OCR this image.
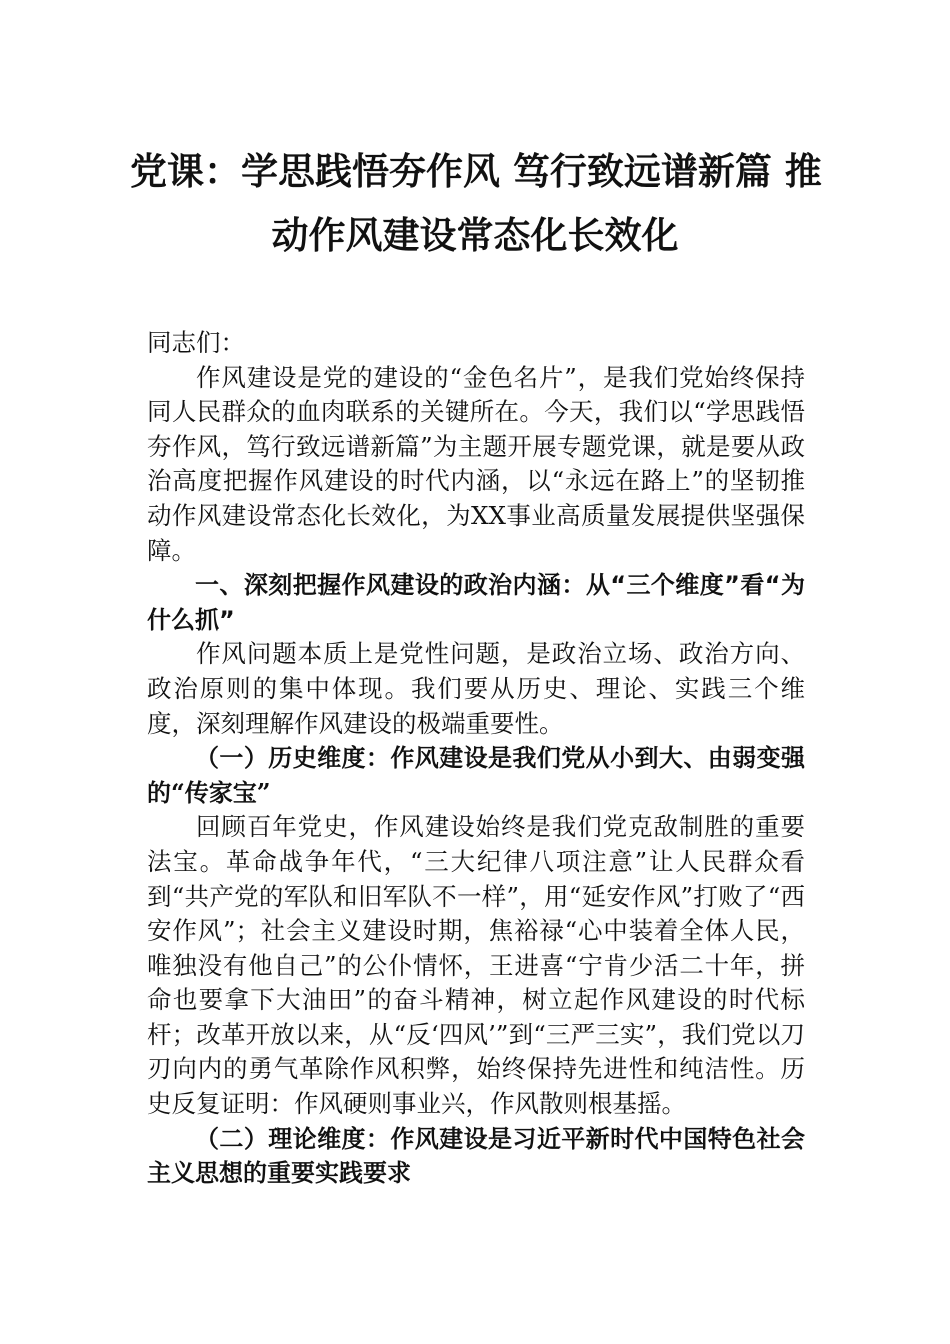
党课：学思践悟夯作风 笃行致远谱新篇 推
动作风建设常态化长效化

同志们：

作风建设是党的建设的“金色名片”，是我们党始终保持同人民群众的血肉联系的关键所在。今天，我们以“学思践悟夯作风，笃行致远谱新篇”为主题开展专题党课，就是要从政治高度把握作风建设的时代内涵，以“永远在路上”的坚韧推动作风建设常态化长效化，为XX事业高质量发展提供坚强保障。

一、深刻把握作风建设的政治内涵：从“三个维度”看“为什么抓”

作风问题本质上是党性问题，是政治立场、政治方向、政治原则的集中体现。我们要从历史、理论、实践三个维度，深刻理解作风建设的极端重要性。

（一）历史维度：作风建设是我们党从小到大、由弱变强的“传家宝”

回顾百年党史，作风建设始终是我们党克敌制胜的重要法宝。革命战争年代，“三大纪律八项注意”让人民群众看到“共产党的军队和旧军队不一样”，用“延安作风”打败了“西安作风”；社会主义建设时期，焦裕禄“心中装着全体人民，唯独没有他自己”的公仆情怀，王进喜“宁肯少活二十年，拼命也要拿下大油田”的奋斗精神，树立起作风建设的时代标杆；改革开放以来，从“反‘四风’”到“三严三实”，我们党以刀刃向内的勇气革除作风积弊，始终保持先进性和纯洁性。历史反复证明：作风硬则事业兴，作风散则根基摇。

（二）理论维度：作风建设是习近平新时代中国特色社会主义思想的重要实践要求
